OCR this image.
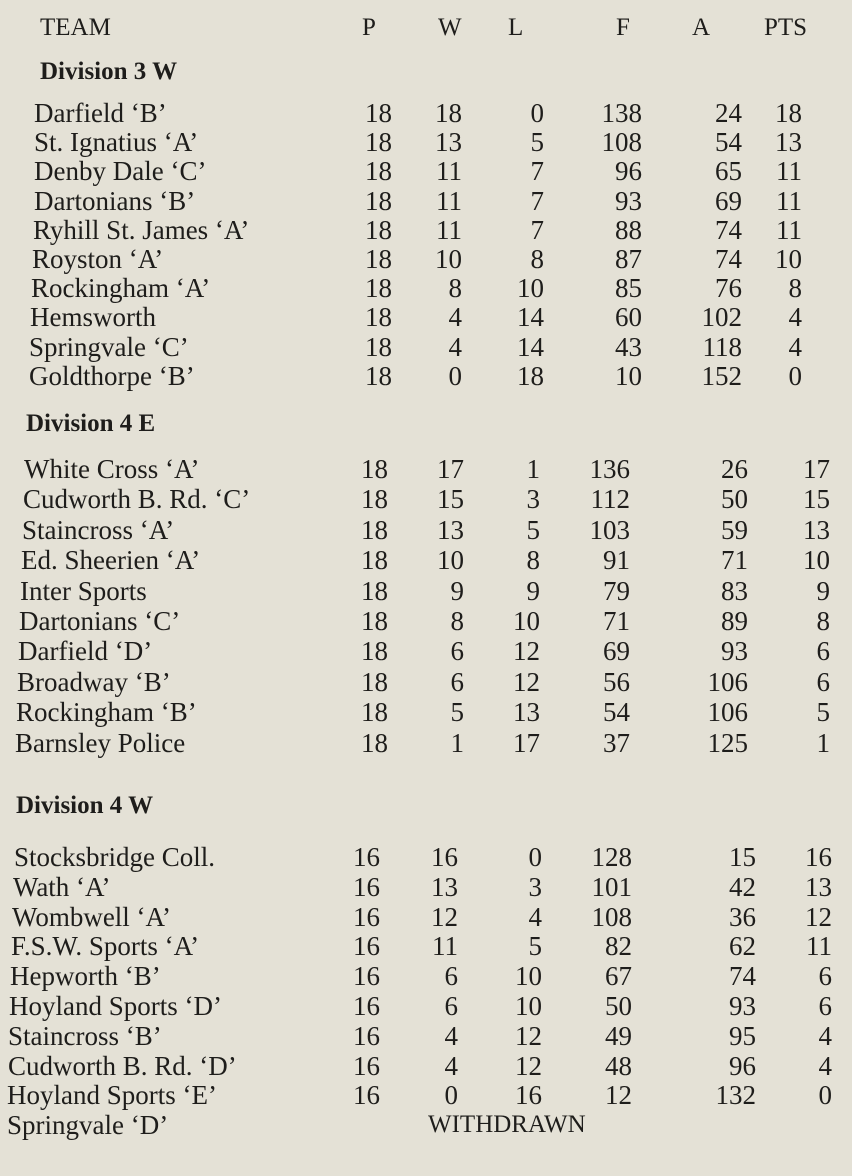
TEAM	P W L	F A PTS
Division 3 W
Darfield ‘B’	18 18	0 138	24 18
St. Ignatius ‘A’	18 13	5 108	54 13
Denby Dale ‘C’	18 11	7	96	65 11
Dartonians ‘B’	18 11	7	93	69 11
Ryhill St. James ‘A’	18 11	7	88	74 11
Royston ‘A’	18 10	8	87	74 10
Rockingham ‘A’	18	8 10	85	76	8
Hemsworth	18	4 14	60 102	4
Springvale ‘C’	18	4 14	43	118	4
Goldthorpe ‘B’	18	0 18	10 152	0
Division 4 E
White Cross ‘A’	18 17	1 136	26 17
Cudworth B. Rd. ‘C’	18 15	3 112	50 15
Staincross ‘A’	18 13	5 103	59 13
Ed. Sheerien ‘A’	18 10	8	91	71 10
Inter Sports	18	9	9	79	83	9
Dartonians ‘C’	18	8 10	71	89	8
Darfield ‘D’	18	6 12	69	93	6
Broadway ‘B’	18	6 12	56	106	6
Rockingham ‘B’	18	5 13	54	106	5
Barnsley Police	18	1 17	37	125	1
Division 4 W
Stocksbridge Coll.	16 16	0 128	15 16
Wath ‘A’	16 13	3 101	42 13
Wombwell ‘A’	16 12	4 108	36 12
F.S.W. Sports ‘A’	16 11	5	82	62 11
Hepworth ‘B’	16	6 10	67	74	6
Hoyland Sports ‘D’	16	6 10	50	93	6
Staincross ‘B’	16	4 12	49	95	4
Cudworth B. Rd. ‘D’	16	4 12	48	96	4
Hoyland Sports ‘E’	16	0 16	12	132	0
Springvale ‘D’	WITHDRAWN
